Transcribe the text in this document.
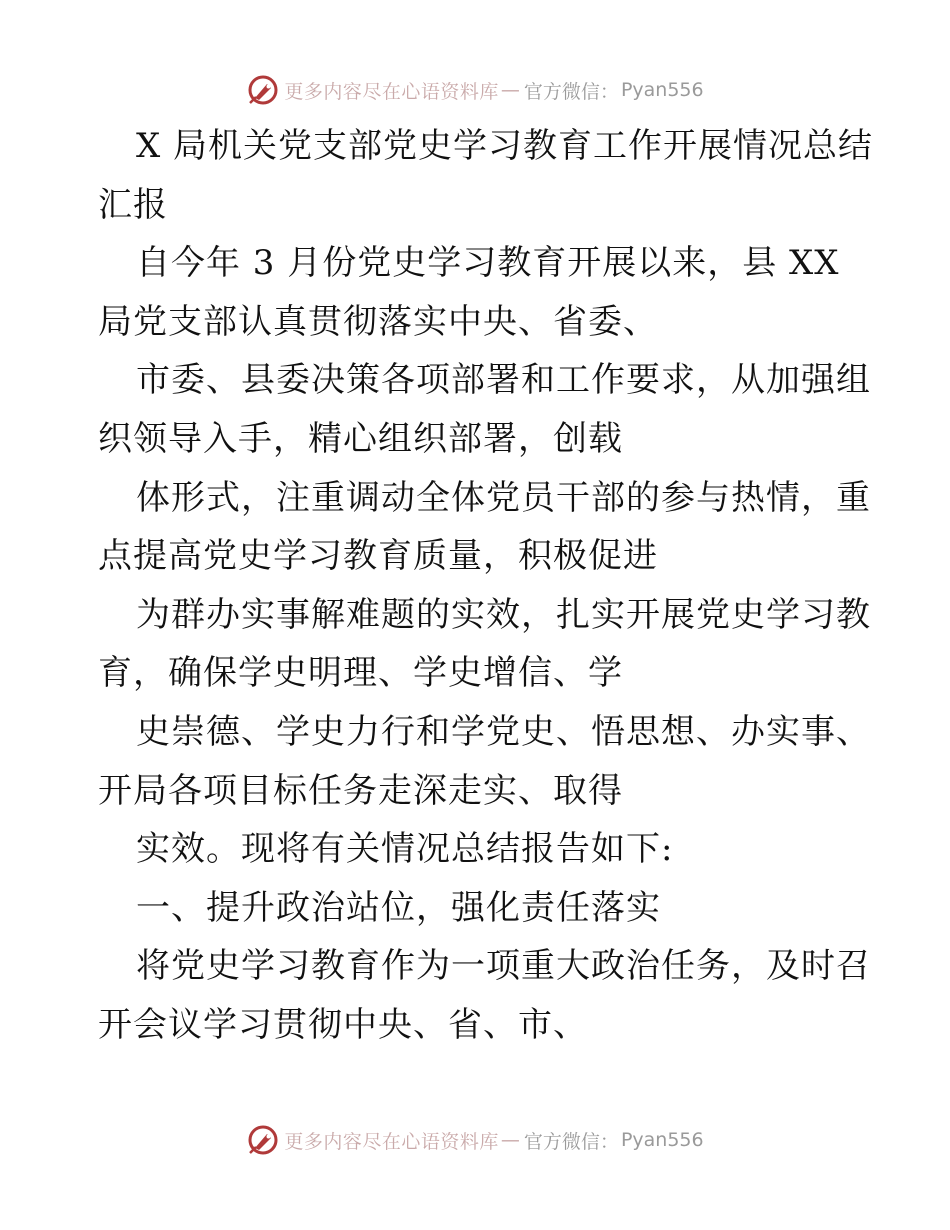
更多内容尽在心语资料库 — 官方微信： Pyan556
X 局机关党支部党史学习教育工作开展情况总结
汇报
自今年 3 月份党史学习教育开展以来，县 XX
局党支部认真贯彻落实中央、省委、
市委、县委决策各项部署和工作要求，从加强组
织领导入手，精心组织部署，创载
体形式，注重调动全体党员干部的参与热情，重
点提高党史学习教育质量，积极促进
为群办实事解难题的实效，扎实开展党史学习教
育，确保学史明理、学史增信、学
史崇德、学史力行和学党史、悟思想、办实事、
开局各项目标任务走深走实、取得
实效。现将有关情况总结报告如下:
一、提升政治站位，强化责任落实
将党史学习教育作为一项重大政治任务，及时召
开会议学习贯彻中央、省、市、
更多内容尽在心语资料库 — 官方微信： Pyan556
